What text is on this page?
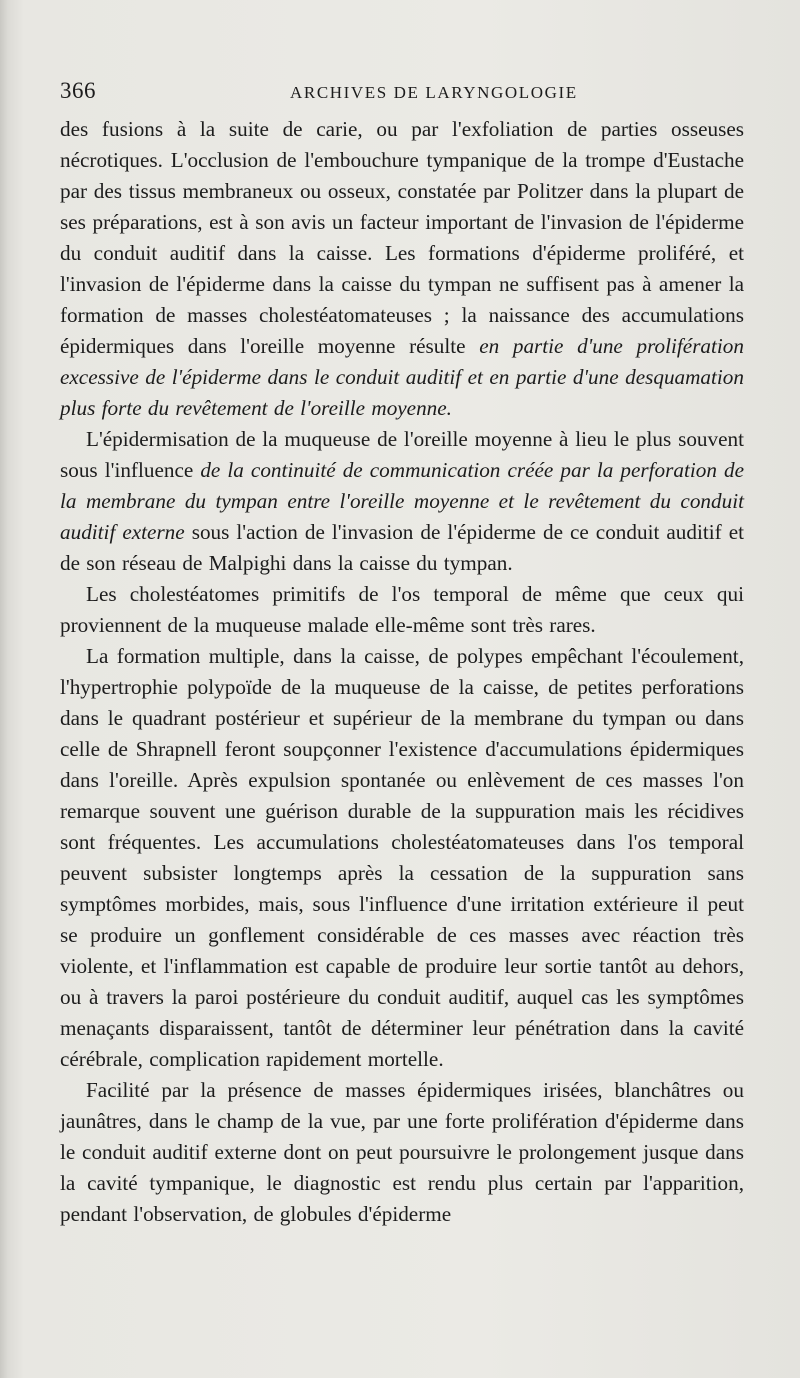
366	ARCHIVES DE LARYNGOLOGIE

des fusions à la suite de carie, ou par l'exfoliation de parties osseuses nécrotiques. L'occlusion de l'embouchure tympanique de la trompe d'Eustache par des tissus membraneux ou osseux, constatée par Politzer dans la plupart de ses préparations, est à son avis un facteur important de l'invasion de l'épiderme du conduit auditif dans la caisse. Les formations d'épiderme proliféré, et l'invasion de l'épiderme dans la caisse du tympan ne suffisent pas à amener la formation de masses cholestéatomateuses ; la naissance des accumulations épidermiques dans l'oreille moyenne résulte en partie d'une prolifération excessive de l'épiderme dans le conduit auditif et en partie d'une desquamation plus forte du revêtement de l'oreille moyenne.

L'épidermisation de la muqueuse de l'oreille moyenne à lieu le plus souvent sous l'influence de la continuité de communication créée par la perforation de la membrane du tympan entre l'oreille moyenne et le revêtement du conduit auditif externe sous l'action de l'invasion de l'épiderme de ce conduit auditif et de son réseau de Malpighi dans la caisse du tympan.

Les cholestéatomes primitifs de l'os temporal de même que ceux qui proviennent de la muqueuse malade elle-même sont très rares.

La formation multiple, dans la caisse, de polypes empêchant l'écoulement, l'hypertrophie polypoïde de la muqueuse de la caisse, de petites perforations dans le quadrant postérieur et supérieur de la membrane du tympan ou dans celle de Shrapnell feront soupçonner l'existence d'accumulations épidermiques dans l'oreille. Après expulsion spontanée ou enlèvement de ces masses l'on remarque souvent une guérison durable de la suppuration mais les récidives sont fréquentes. Les accumulations cholestéatomateuses dans l'os temporal peuvent subsister longtemps après la cessation de la suppuration sans symptômes morbides, mais, sous l'influence d'une irritation extérieure il peut se produire un gonflement considérable de ces masses avec réaction très violente, et l'inflammation est capable de produire leur sortie tantôt au dehors, ou à travers la paroi postérieure du conduit auditif, auquel cas les symptômes menaçants disparaissent, tantôt de déterminer leur pénétration dans la cavité cérébrale, complication rapidement mortelle.

Facilité par la présence de masses épidermiques irisées, blanchâtres ou jaunâtres, dans le champ de la vue, par une forte prolifération d'épiderme dans le conduit auditif externe dont on peut poursuivre le prolongement jusque dans la cavité tympanique, le diagnostic est rendu plus certain par l'apparition, pendant l'observation, de globules d'épiderme
